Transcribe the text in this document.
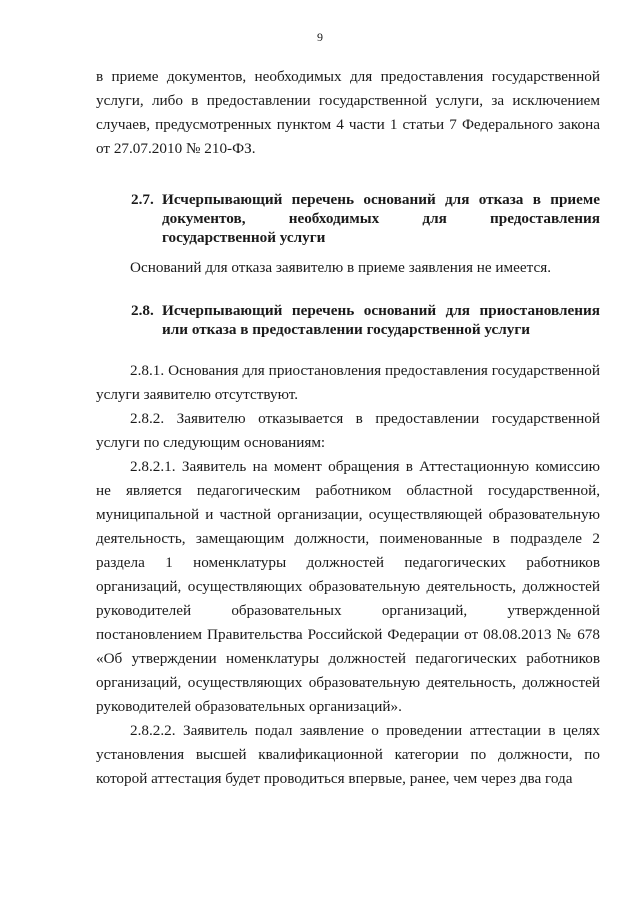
9

в приеме документов, необходимых для предоставления государственной услуги, либо в предоставлении государственной услуги, за исключением случаев, предусмотренных пунктом 4 части 1 статьи 7 Федерального закона от 27.07.2010 № 210-ФЗ.

2.7. Исчерпывающий перечень оснований для отказа в приеме
документов, необходимых для предоставления
государственной услуги

Оснований для отказа заявителю в приеме заявления не имеется.

2.8. Исчерпывающий перечень оснований для приостановления
или отказа в предоставлении государственной услуги

2.8.1. Основания для приостановления предоставления государственной услуги заявителю отсутствуют.

2.8.2. Заявителю отказывается в предоставлении государственной услуги по следующим основаниям:

2.8.2.1. Заявитель на момент обращения в Аттестационную комиссию не является педагогическим работником областной государственной, муниципальной и частной организации, осуществляющей образовательную деятельность, замещающим должности, поименованные в подразделе 2 раздела 1 номенклатуры должностей педагогических работников организаций, осуществляющих образовательную деятельность, должностей руководителей образовательных организаций, утвержденной постановлением Правительства Российской Федерации от 08.08.2013 № 678 «Об утверждении номенклатуры должностей педагогических работников организаций, осуществляющих образовательную деятельность, должностей руководителей образовательных организаций».

2.8.2.2. Заявитель подал заявление о проведении аттестации в целях установления высшей квалификационной категории по должности, по которой аттестация будет проводиться впервые, ранее, чем через два года
